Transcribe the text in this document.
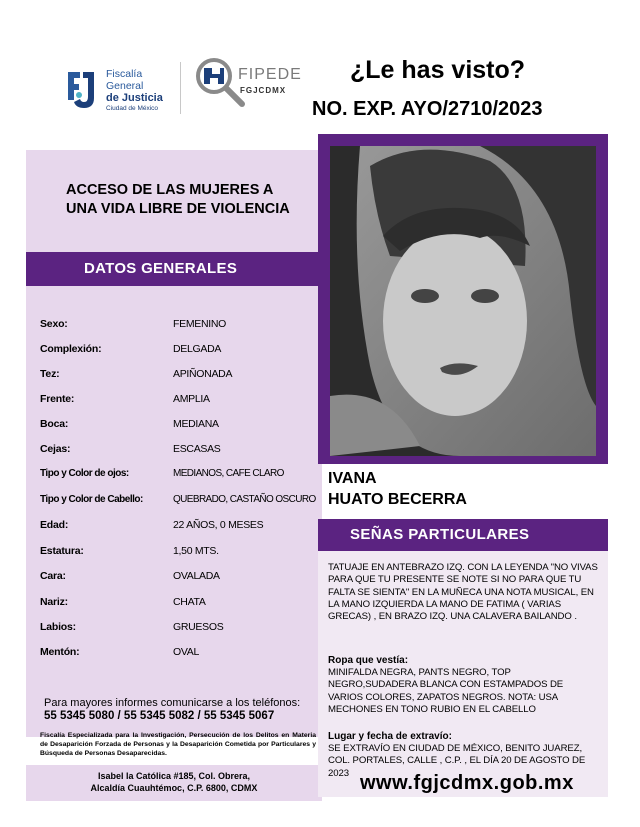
Fiscalía
General
de Justicia
Ciudad de México
FIPEDE
FGJCDMX
¿Le has visto?
NO. EXP. AYO/2710/2023
ACCESO DE LAS MUJERES A UNA VIDA LIBRE DE VIOLENCIA
DATOS GENERALES
Sexo:	FEMENINO
Complexión:	DELGADA
Tez:	APIÑONADA
Frente:	AMPLIA
Boca:	MEDIANA
Cejas:	ESCASAS
Tipo y Color de ojos:	MEDIANOS, CAFE CLARO
Tipo y Color de Cabello:	QUEBRADO, CASTAÑO OSCURO
Edad:	22 AÑOS, 0 MESES
Estatura:	1,50 MTS.
Cara:	OVALADA
Nariz:	CHATA
Labios:	GRUESOS
Mentón:	OVAL
Para mayores informes comunicarse a los teléfonos:
55 5345 5080 / 55 5345 5082 / 55 5345 5067
Fiscalía Especializada para la Investigación, Persecución de los Delitos en Materia de Desaparición Forzada de Personas y la Desaparición Cometida por Particulares y Búsqueda de Personas Desaparecidas.
Isabel la Católica #185, Col. Obrera,
Alcaldía Cuauhtémoc, C.P. 6800, CDMX
IVANA
HUATO BECERRA
SEÑAS PARTICULARES
TATUAJE EN ANTEBRAZO IZQ. CON LA LEYENDA "NO VIVAS PARA QUE TU PRESENTE SE NOTE SI NO PARA QUE TU FALTA SE SIENTA" EN LA MUÑECA UNA NOTA MUSICAL, EN LA MANO IZQUIERDA LA MANO DE FATIMA ( VARIAS GRECAS) , EN BRAZO IZQ. UNA CALAVERA BAILANDO .
Ropa que vestía:
MINIFALDA NEGRA, PANTS NEGRO, TOP NEGRO,SUDADERA BLANCA CON ESTAMPADOS DE VARIOS COLORES, ZAPATOS NEGROS. NOTA: USA MECHONES EN TONO RUBIO EN EL CABELLO
Lugar y fecha de extravío:
SE EXTRAVÍO EN CIUDAD DE MÉXICO, BENITO JUAREZ, COL. PORTALES, CALLE , C.P. , EL DÍA 20 DE AGOSTO DE 2023 www.fgjcdmx.gob.mx
